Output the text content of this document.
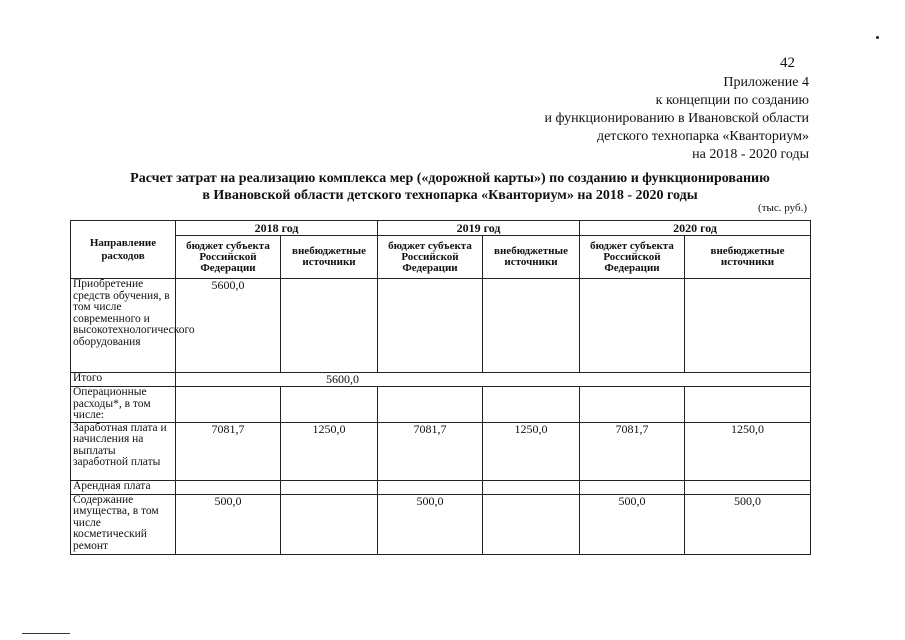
42
Приложение 4
к концепции по созданию
и функционированию в Ивановской области
детского технопарка «Кванториум»
на 2018 - 2020 годы
Расчет затрат на реализацию комплекса мер («дорожной карты») по созданию и функционированию
в Ивановской области детского технопарка «Кванториум» на 2018 - 2020 годы
(тыс. руб.)
Направление расходов	2018 год		2019 год		2020 год	
	бюджет субъекта Российской Федерации	внебюджетные источники	бюджет субъекта Российской Федерации	внебюджетные источники	бюджет субъекта Российской Федерации	внебюджетные источники
Приобретение средств обучения, в том числе современного и высокотехнологического оборудования	5600,0					
Итого	5600,0					
Операционные расходы*, в том числе:						
Заработная плата и начисления на выплаты заработной платы	7081,7	1250,0	7081,7	1250,0	7081,7	1250,0
Арендная плата						
Содержание имущества, в том числе косметический ремонт	500,0		500,0		500,0	500,0
